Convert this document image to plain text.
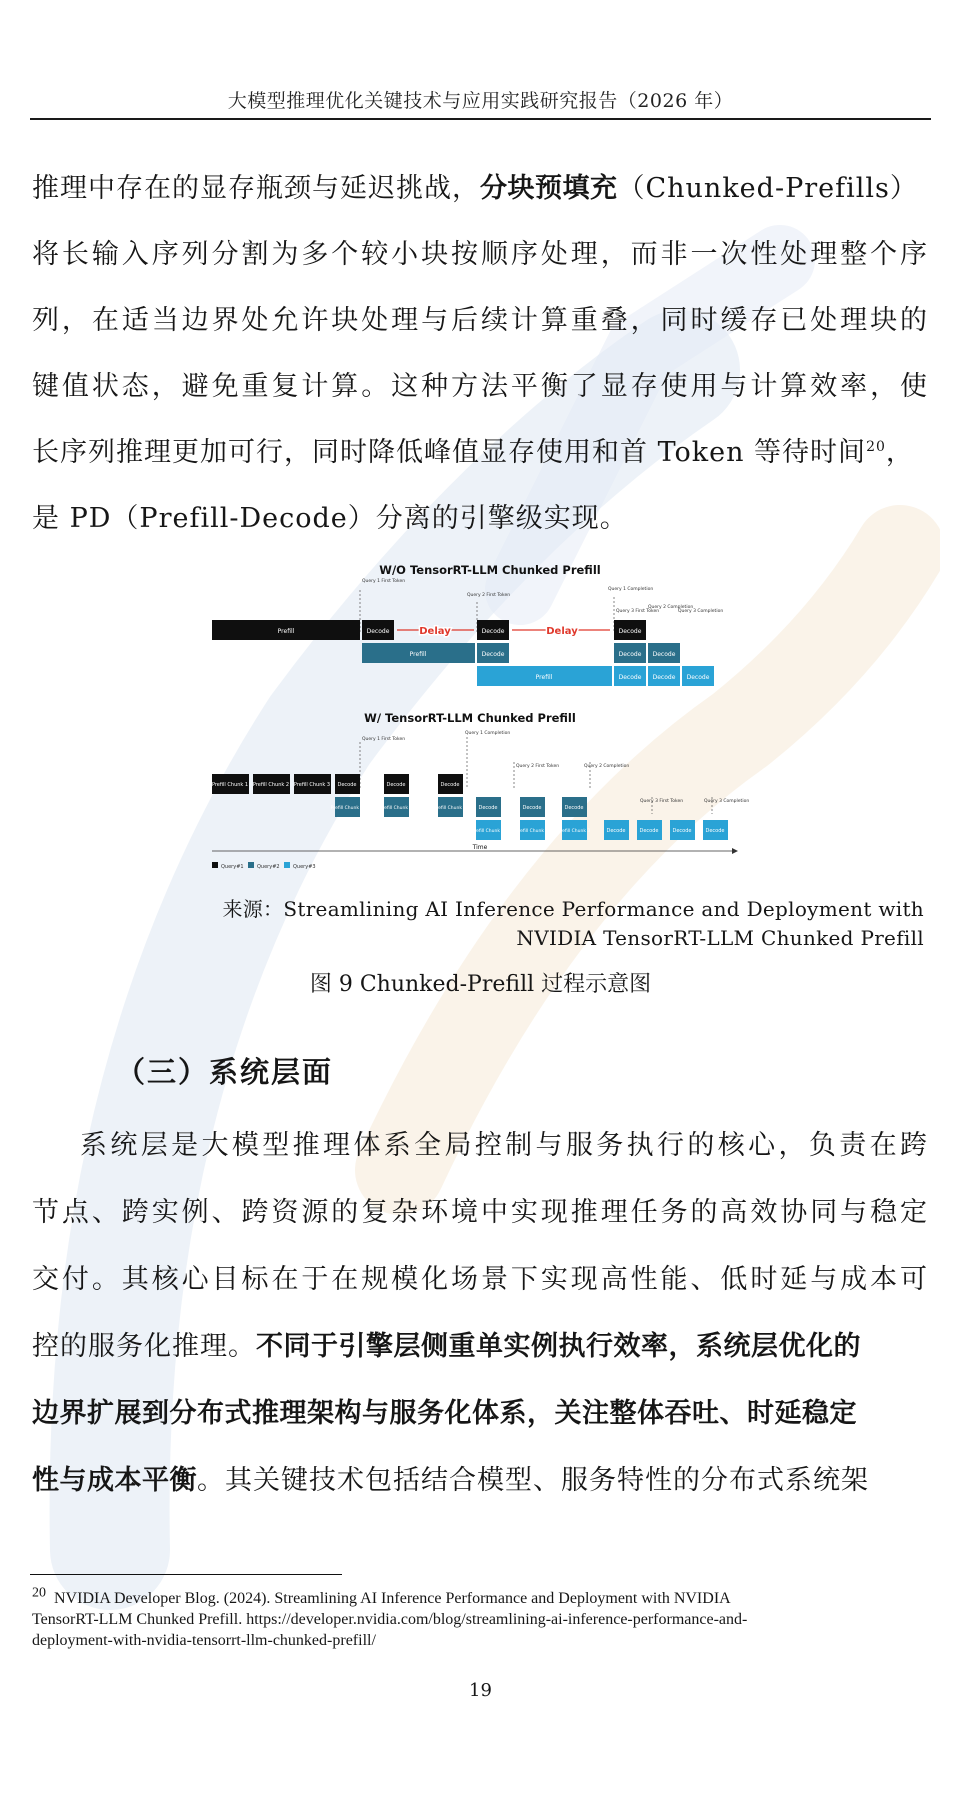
大模型推理优化关键技术与应用实践研究报告（2026 年）
推理中存在的显存瓶颈与延迟挑战，分块预填充（Chunked-Prefills）
将长输入序列分割为多个较小块按顺序处理，而非一次性处理整个序
列，在适当边界处允许块处理与后续计算重叠，同时缓存已处理块的
键值状态，避免重复计算。这种方法平衡了显存使用与计算效率，使
长序列推理更加可行，同时降低峰值显存使用和首 Token 等待时间$^{20}$，
是 PD（Prefill-Decode）分离的引擎级实现。
W/O TensorRT-LLM Chunked Prefill
Query 1 First Token
Query 2 First Token
Query 1 Completion
Query 3 First Token
Query 2 Completion
Query 3 Completion
Prefill	Decode	Delay	Decode	Delay	Decode
Prefill	Decode	Decode Decode
Prefill	Decode Decode Decode
W/ TensorRT-LLM Chunked Prefill
Query 1 First Token
Query 1 Completion
Query 2 First Token	Query 2 Completion
Query 3 First Token	Query 3 Completion
Prefill Chunk 1 Prefill Chunk 2 Prefill Chunk 3 Decode	Decode	Decode
Prefill Chunk 1	Prefill Chunk 2	Prefill Chunk 3 Decode	Decode	Decode
Prefill Chunk 1	Prefill Chunk 2 Prefill Chunk 3	Decode	Decode	Decode	Decode
Time
Query#1	Query#2	Query#3
来源：Streamlining AI Inference Performance and Deployment with
NVIDIA TensorRT-LLM Chunked Prefill
图 9 Chunked-Prefill 过程示意图
（三）系统层面
系统层是大模型推理体系全局控制与服务执行的核心，负责在跨
节点、跨实例、跨资源的复杂环境中实现推理任务的高效协同与稳定
交付。其核心目标在于在规模化场景下实现高性能、低时延与成本可
控的服务化推理。不同于引擎层侧重单实例执行效率，系统层优化的
边界扩展到分布式推理架构与服务化体系，关注整体吞吐、时延稳定
性与成本平衡。其关键技术包括结合模型、服务特性的分布式系统架
$^{20}$ NVIDIA Developer Blog. (2024). Streamlining AI Inference Performance and Deployment with NVIDIA
TensorRT-LLM Chunked Prefill. https://developer.nvidia.com/blog/streamlining-ai-inference-performance-and-
deployment-with-nvidia-tensorrt-llm-chunked-prefill/
19
